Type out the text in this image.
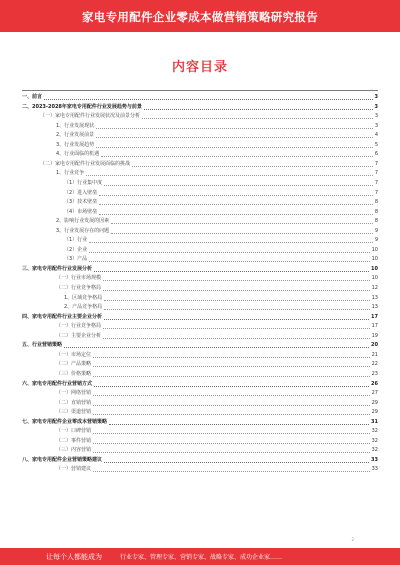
家电专用配件企业零成本做营销策略研究报告
内容目录
一、前言	3
二、2023-2028年家电专用配件行业发展趋势与前景	3
（一）家电专用配件行业发展状况及前景分析	3
1、行业发展现状	3
2、行业发展前景	4
3、行业发展趋势	5
4、行业面临的机遇	6
（二）家电专用配件行业发展面临的挑战	7
1、行业竞争	7
（1）行业集中度	7
（2）进入壁垒	7
（3）技术壁垒	8
（4）市场壁垒	8
2、影响行业发展的因素	8
3、行业发展存在的问题	9
（1）行业	9
（2）企业	10
（3）产品	10
三、家电专用配件行业发展分析	10
（一）行业市场规模	10
（二）行业竞争格局	12
1、区域竞争格局	13
2、产品竞争格局	13
四、家电专用配件行业主要企业分析	17
（一）行业竞争格局	17
（二）主要企业分析	19
五、行业营销策略	20
（一）市场定位	21
（二）产品策略	22
（三）价格策略	23
六、家电专用配件行业营销方式	26
（一）网络营销	27
（二）直销营销	29
（三）渠道营销	29
七、家电专用配件企业零成本营销策略	31
（一）口碑营销	32
（二）事件营销	32
（三）内容营销	32
八、家电专用配件企业营销策略建议	33
（一）营销建议	33
2
让每个人都能成为	行业专家、管理专家、营销专家、战略专家、成功企业家……
